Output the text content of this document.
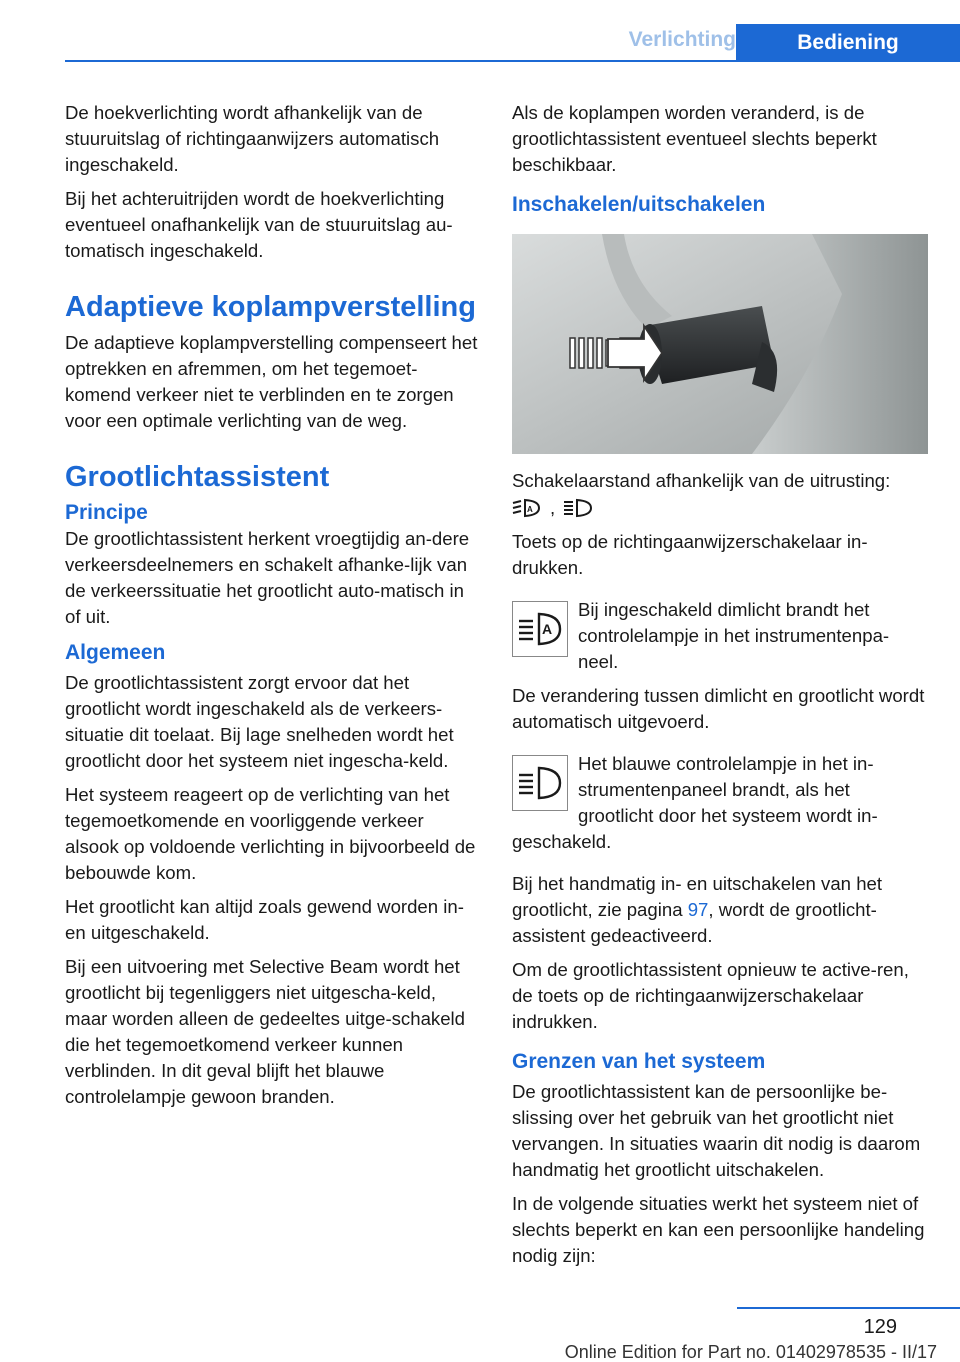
Verlichting	Bediening

De hoekverlichting wordt afhankelijk van de stuuruitslag of richtingaanwijzers automatisch ingeschakeld.

Bij het achteruitrijden wordt de hoekverlichting eventueel onafhankelijk van de stuuruitslag au‐tomatisch ingeschakeld.

Adaptieve koplampverstelling

De adaptieve koplampverstelling compenseert het optrekken en afremmen, om het tegemoet‐komend verkeer niet te verblinden en te zorgen voor een optimale verlichting van de weg.

Grootlichtassistent
Principe

De grootlichtassistent herkent vroegtijdig an‐dere verkeersdeelnemers en schakelt afhanke‐lijk van de verkeerssituatie het grootlicht auto‐matisch in of uit.

Algemeen

De grootlichtassistent zorgt ervoor dat het grootlicht wordt ingeschakeld als de verkeers‐situatie dit toelaat. Bij lage snelheden wordt het grootlicht door het systeem niet ingescha‐keld.

Het systeem reageert op de verlichting van het tegemoetkomende en voorliggende verkeer alsook op voldoende verlichting in bijvoorbeeld de bebouwde kom.

Het grootlicht kan altijd zoals gewend worden in- en uitgeschakeld.

Bij een uitvoering met Selective Beam wordt het grootlicht bij tegenliggers niet uitgescha‐keld, maar worden alleen de gedeeltes uitge‐schakeld die het tegemoetkomend verkeer kunnen verblinden. In dit geval blijft het blauwe controlelampje gewoon branden.

Als de koplampen worden veranderd, is de grootlichtassistent eventueel slechts beperkt beschikbaar.

Inschakelen/uitschakelen

Schakelaarstand afhankelijk van de uitrusting:

A ,

Toets op de richtingaanwijzerschakelaar in‐drukken.

A

Bij ingeschakeld dimlicht brandt het controlelampje in het instrumentenpa‐neel.

De verandering tussen dimlicht en grootlicht wordt automatisch uitgevoerd.

Het blauwe controlelampje in het in‐strumentenpaneel brandt, als het grootlicht door het systeem wordt in‐geschakeld.

Bij het handmatig in- en uitschakelen van het grootlicht, zie pagina 97, wordt de grootlicht‐assistent gedeactiveerd.

Om de grootlichtassistent opnieuw te active‐ren, de toets op de richtingaanwijzerschakelaar indrukken.

Grenzen van het systeem

De grootlichtassistent kan de persoonlijke be‐slissing over het gebruik van het grootlicht niet vervangen. In situaties waarin dit nodig is daarom handmatig het grootlicht uitschakelen.

In de volgende situaties werkt het systeem niet of slechts beperkt en kan een persoonlijke handeling nodig zijn:

129
Online Edition for Part no. 01402978535 - II/17
